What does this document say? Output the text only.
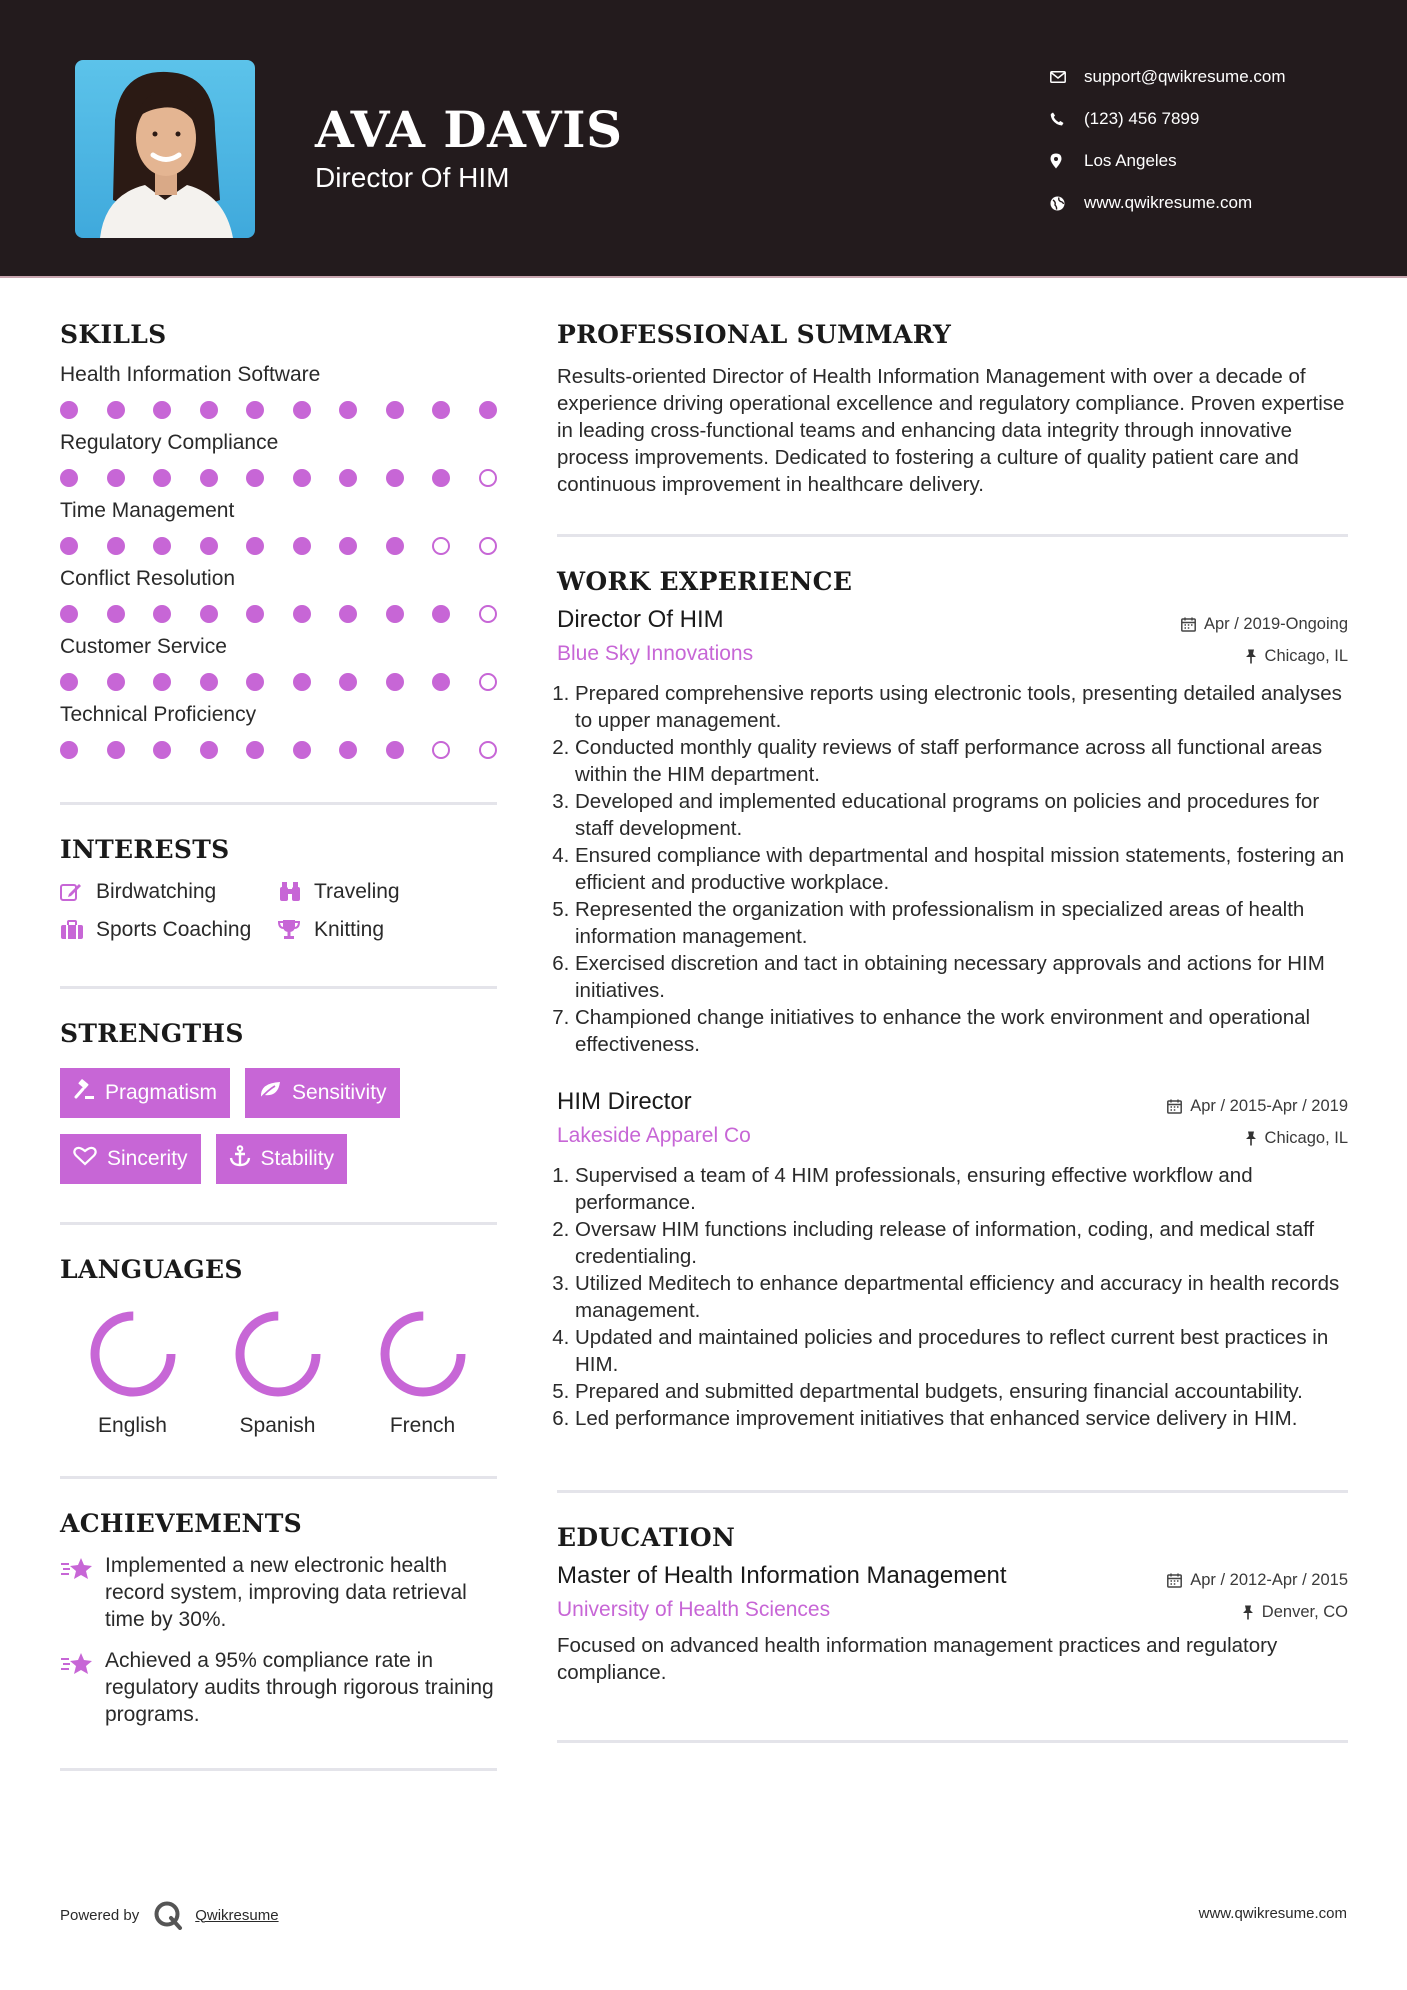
AVA DAVIS
Director Of HIM
support@qwikresume.com
(123) 456 7899
Los Angeles
www.qwikresume.com
SKILLS
Health Information Software
Regulatory Compliance
Time Management
Conflict Resolution
Customer Service
Technical Proficiency
INTERESTS
Birdwatching	Traveling
Sports Coaching	Knitting
STRENGTHS
Pragmatism	Sensitivity
Sincerity	Stability
LANGUAGES
English	Spanish	French
ACHIEVEMENTS
Implemented a new electronic health record system, improving data retrieval time by 30%.
Achieved a 95% compliance rate in regulatory audits through rigorous training programs.
PROFESSIONAL SUMMARY
Results-oriented Director of Health Information Management with over a decade of experience driving operational excellence and regulatory compliance. Proven expertise in leading cross-functional teams and enhancing data integrity through innovative process improvements. Dedicated to fostering a culture of quality patient care and continuous improvement in healthcare delivery.
WORK EXPERIENCE
Director Of HIM	Apr / 2019-Ongoing
Blue Sky Innovations	Chicago, IL
1. Prepared comprehensive reports using electronic tools, presenting detailed analyses to upper management.
2. Conducted monthly quality reviews of staff performance across all functional areas within the HIM department.
3. Developed and implemented educational programs on policies and procedures for staff development.
4. Ensured compliance with departmental and hospital mission statements, fostering an efficient and productive workplace.
5. Represented the organization with professionalism in specialized areas of health information management.
6. Exercised discretion and tact in obtaining necessary approvals and actions for HIM initiatives.
7. Championed change initiatives to enhance the work environment and operational effectiveness.
HIM Director	Apr / 2015-Apr / 2019
Lakeside Apparel Co	Chicago, IL
1. Supervised a team of 4 HIM professionals, ensuring effective workflow and performance.
2. Oversaw HIM functions including release of information, coding, and medical staff credentialing.
3. Utilized Meditech to enhance departmental efficiency and accuracy in health records management.
4. Updated and maintained policies and procedures to reflect current best practices in HIM.
5. Prepared and submitted departmental budgets, ensuring financial accountability.
6. Led performance improvement initiatives that enhanced service delivery in HIM.
EDUCATION
Master of Health Information Management	Apr / 2012-Apr / 2015
University of Health Sciences	Denver, CO
Focused on advanced health information management practices and regulatory compliance.
Powered by	Qwikresume	www.qwikresume.com
